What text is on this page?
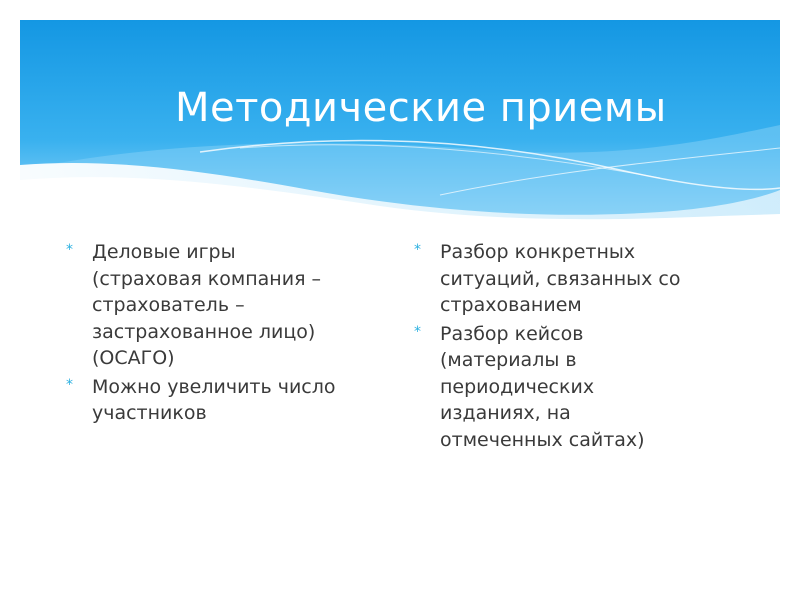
Методические приемы
* Деловые игры
(страховая компания –
страхователь –
застрахованное лицо)
(ОСАГО)
* Можно увеличить число
участников
* Разбор конкретных
ситуаций, связанных со
страхованием
* Разбор кейсов
(материалы в
периодических
изданиях, на
отмеченных сайтах)
